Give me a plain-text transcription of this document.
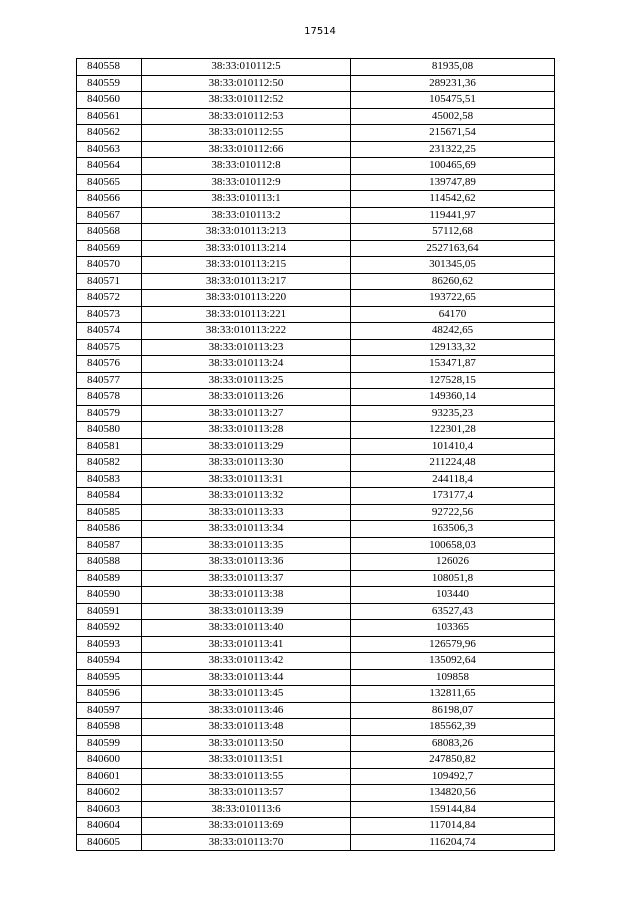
17514
840558	38:33:010112:5	81935,08
840559	38:33:010112:50	289231,36
840560	38:33:010112:52	105475,51
840561	38:33:010112:53	45002,58
840562	38:33:010112:55	215671,54
840563	38:33:010112:66	231322,25
840564	38:33:010112:8	100465,69
840565	38:33:010112:9	139747,89
840566	38:33:010113:1	114542,62
840567	38:33:010113:2	119441,97
840568	38:33:010113:213	57112,68
840569	38:33:010113:214	2527163,64
840570	38:33:010113:215	301345,05
840571	38:33:010113:217	86260,62
840572	38:33:010113:220	193722,65
840573	38:33:010113:221	64170
840574	38:33:010113:222	48242,65
840575	38:33:010113:23	129133,32
840576	38:33:010113:24	153471,87
840577	38:33:010113:25	127528,15
840578	38:33:010113:26	149360,14
840579	38:33:010113:27	93235,23
840580	38:33:010113:28	122301,28
840581	38:33:010113:29	101410,4
840582	38:33:010113:30	211224,48
840583	38:33:010113:31	244118,4
840584	38:33:010113:32	173177,4
840585	38:33:010113:33	92722,56
840586	38:33:010113:34	163506,3
840587	38:33:010113:35	100658,03
840588	38:33:010113:36	126026
840589	38:33:010113:37	108051,8
840590	38:33:010113:38	103440
840591	38:33:010113:39	63527,43
840592	38:33:010113:40	103365
840593	38:33:010113:41	126579,96
840594	38:33:010113:42	135092,64
840595	38:33:010113:44	109858
840596	38:33:010113:45	132811,65
840597	38:33:010113:46	86198,07
840598	38:33:010113:48	185562,39
840599	38:33:010113:50	68083,26
840600	38:33:010113:51	247850,82
840601	38:33:010113:55	109492,7
840602	38:33:010113:57	134820,56
840603	38:33:010113:6	159144,84
840604	38:33:010113:69	117014,84
840605	38:33:010113:70	116204,74
